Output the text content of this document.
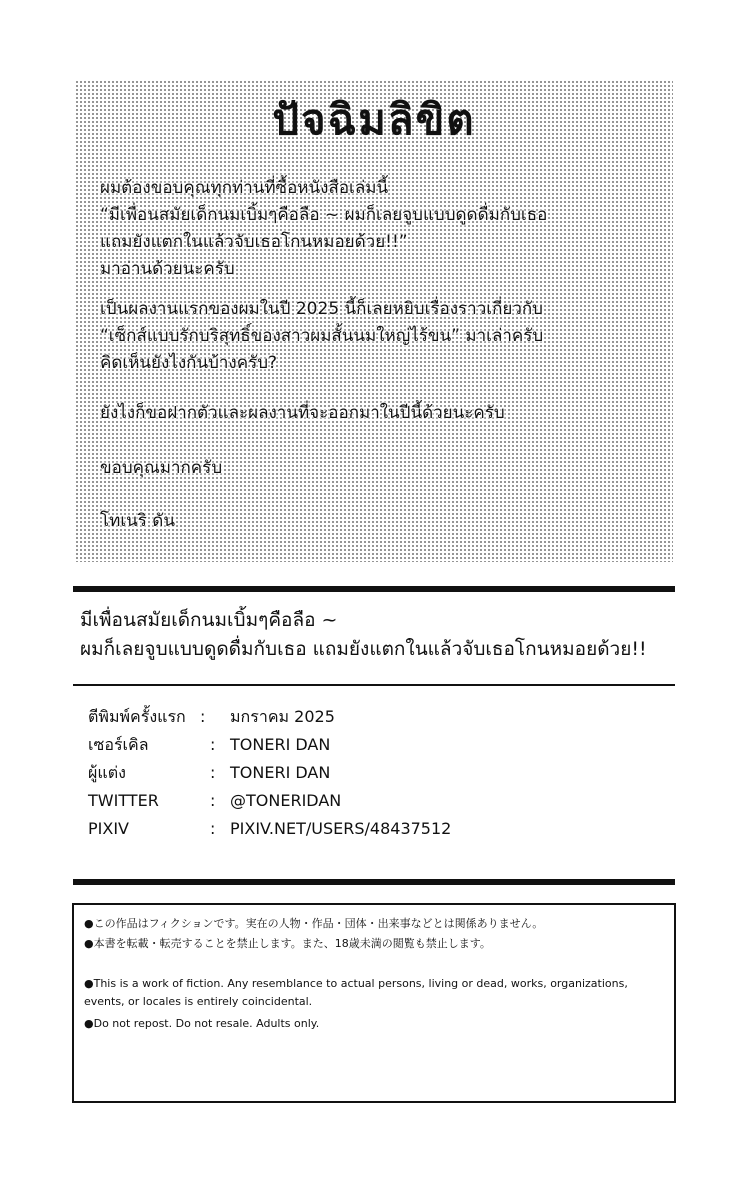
ปัจฉิมลิขิต
ผมต้องขอบคุณทุกท่านที่ซื้อหนังสือเล่มนี้
“มีเพื่อนสมัยเด็กนมเบิ้มๆคือลือ ~ ผมก็เลยจูบแบบดูดดื่มกับเธอ
แถมยังแตกในแล้วจับเธอโกนหมอยด้วย!!”
มาอ่านด้วยนะครับ
เป็นผลงานแรกของผมในปี 2025 นี้ก็เลยหยิบเรื่องราวเกี่ยวกับ
“เซ็กส์แบบรักบริสุทธิ์ของสาวผมสั้นนมใหญ่ไร้ขน” มาเล่าครับ
คิดเห็นยังไงกันบ้างครับ?
ยังไงก็ขอฝากตัวและผลงานที่จะออกมาในปีนี้ด้วยนะครับ
ขอบคุณมากครับ
โทเนริ ดัน
มีเพื่อนสมัยเด็กนมเบิ้มๆคือลือ ~
ผมก็เลยจูบแบบดูดดื่มกับเธอ แถมยังแตกในแล้วจับเธอโกนหมอยด้วย!!
ตีพิมพ์ครั้งแรก : มกราคม 2025
เซอร์เคิล	: TONERI DAN
ผู้แต่ง	: TONERI DAN
TWITTER	: @TONERIDAN
PIXIV	: PIXIV.NET/USERS/48437512
●この作品はフィクションです。実在の人物・作品・団体・出来事などとは関係ありません。
●本書を転載・転売することを禁止します。また、18歳未満の閲覧も禁止します。
●This is a work of fiction. Any resemblance to actual persons, living or dead, works, organizations, events, or locales is entirely coincidental.
●Do not repost. Do not resale. Adults only.
